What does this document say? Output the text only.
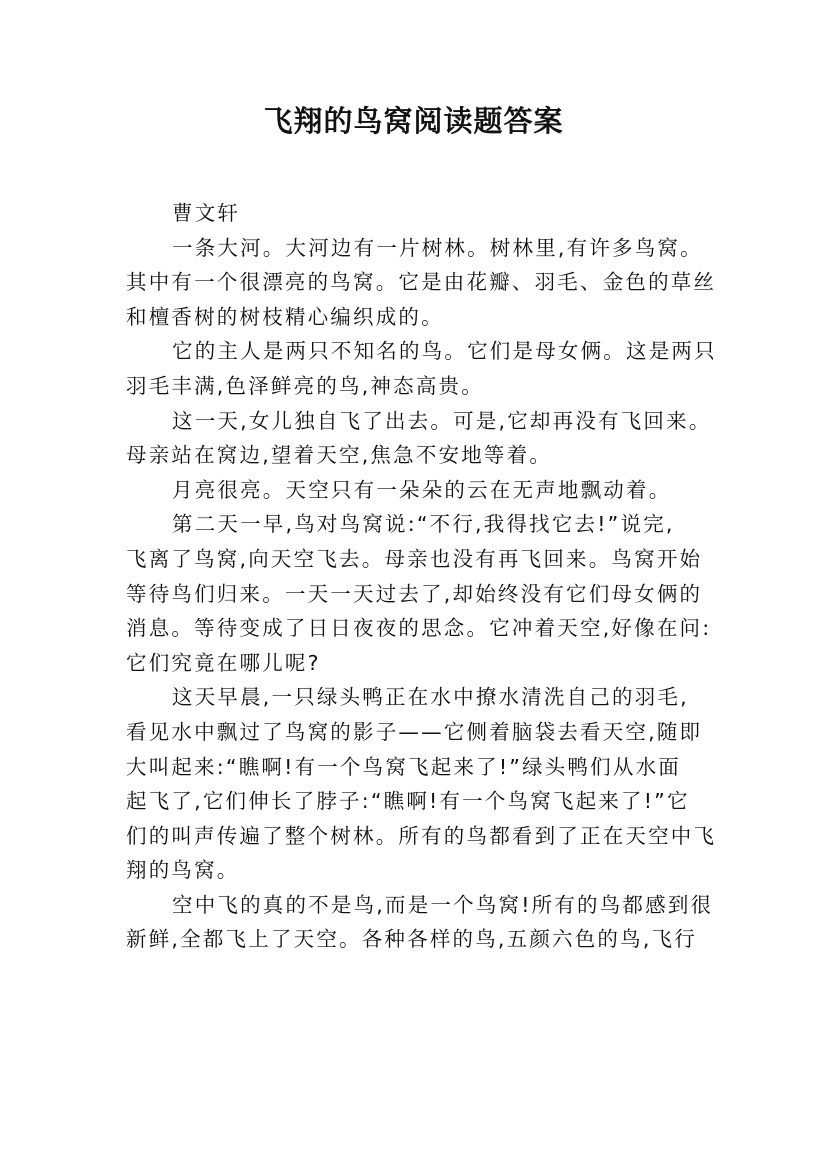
飞翔的鸟窝阅读题答案

曹文轩

一条大河。大河边有一片树林。树林里,有许多鸟窝。
其中有一个很漂亮的鸟窝。它是由花瓣、羽毛、金色的草丝
和檀香树的树枝精心编织成的。

它的主人是两只不知名的鸟。它们是母女俩。这是两只
羽毛丰满,色泽鲜亮的鸟,神态高贵。

这一天,女儿独自飞了出去。可是,它却再没有飞回来。
母亲站在窝边,望着天空,焦急不安地等着。

月亮很亮。天空只有一朵朵的云在无声地飘动着。

第二天一早,鸟对鸟窝说:“不行,我得找它去!”说完,
飞离了鸟窝,向天空飞去。母亲也没有再飞回来。鸟窝开始
等待鸟们归来。一天一天过去了,却始终没有它们母女俩的
消息。等待变成了日日夜夜的思念。它冲着天空,好像在问:
它们究竟在哪儿呢?

这天早晨,一只绿头鸭正在水中撩水清洗自己的羽毛,
看见水中飘过了鸟窝的影子——它侧着脑袋去看天空,随即
大叫起来:“瞧啊!有一个鸟窝飞起来了!”绿头鸭们从水面
起飞了,它们伸长了脖子:“瞧啊!有一个鸟窝飞起来了!”它
们的叫声传遍了整个树林。所有的鸟都看到了正在天空中飞
翔的鸟窝。

空中飞的真的不是鸟,而是一个鸟窝!所有的鸟都感到很
新鲜,全都飞上了天空。各种各样的鸟,五颜六色的鸟,飞行
